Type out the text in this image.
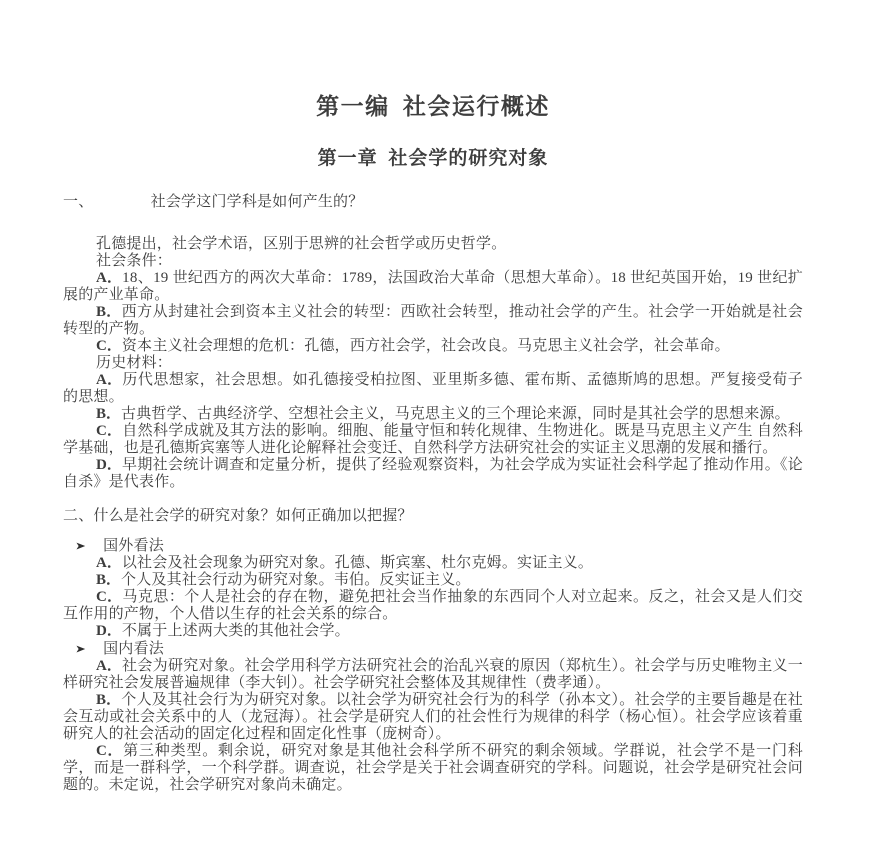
第一编 社会运行概述
第一章 社会学的研究对象
一、　　　　 社会学这门学科是如何产生的？
孔德提出，社会学术语，区别于思辨的社会哲学或历史哲学。
社会条件：
A．18、19 世纪西方的两次大革命：1789，法国政治大革命（思想大革命）。18 世纪英国开始，19 世纪扩展的产业革命。
B．西方从封建社会到资本主义社会的转型：西欧社会转型，推动社会学的产生。社会学一开始就是社会转型的产物。
C．资本主义社会理想的危机：孔德，西方社会学，社会改良。马克思主义社会学，社会革命。
历史材料：
A．历代思想家，社会思想。如孔德接受柏拉图、亚里斯多德、霍布斯、孟德斯鸠的思想。严复接受荀子的思想。
B．古典哲学、古典经济学、空想社会主义，马克思主义的三个理论来源，同时是其社会学的思想来源。
C．自然科学成就及其方法的影响。细胞、能量守恒和转化规律、生物进化。既是马克思主义产生 自然科学基础，也是孔德斯宾塞等人进化论解释社会变迁、自然科学方法研究社会的实证主义思潮的发展和播行。
D．早期社会统计调查和定量分析，提供了经验观察资料，为社会学成为实证社会科学起了推动作用。《论自杀》是代表作。
二、什么是社会学的研究对象？如何正确加以把握？
➤ 国外看法
A．以社会及社会现象为研究对象。孔德、斯宾塞、杜尔克姆。实证主义。
B．个人及其社会行动为研究对象。韦伯。反实证主义。
C．马克思：个人是社会的存在物，避免把社会当作抽象的东西同个人对立起来。反之，社会又是人们交互作用的产物，个人借以生存的社会关系的综合。
D．不属于上述两大类的其他社会学。
➤ 国内看法
A．社会为研究对象。社会学用科学方法研究社会的治乱兴衰的原因（郑杭生）。社会学与历史唯物主义一样研究社会发展普遍规律（李大钊）。社会学研究社会整体及其规律性（费孝通）。
B．个人及其社会行为为研究对象。以社会学为研究社会行为的科学（孙本文）。社会学的主要旨趣是在社会互动或社会关系中的人（龙冠海）。社会学是研究人们的社会性行为规律的科学（杨心恒）。社会学应该着重研究人的社会活动的固定化过程和固定化性事（庞树奇）。
C．第三种类型。剩余说，研究对象是其他社会科学所不研究的剩余领域。学群说，社会学不是一门科学，而是一群科学，一个科学群。调查说，社会学是关于社会调查研究的学科。问题说，社会学是研究社会问题的。未定说，社会学研究对象尚未确定。
